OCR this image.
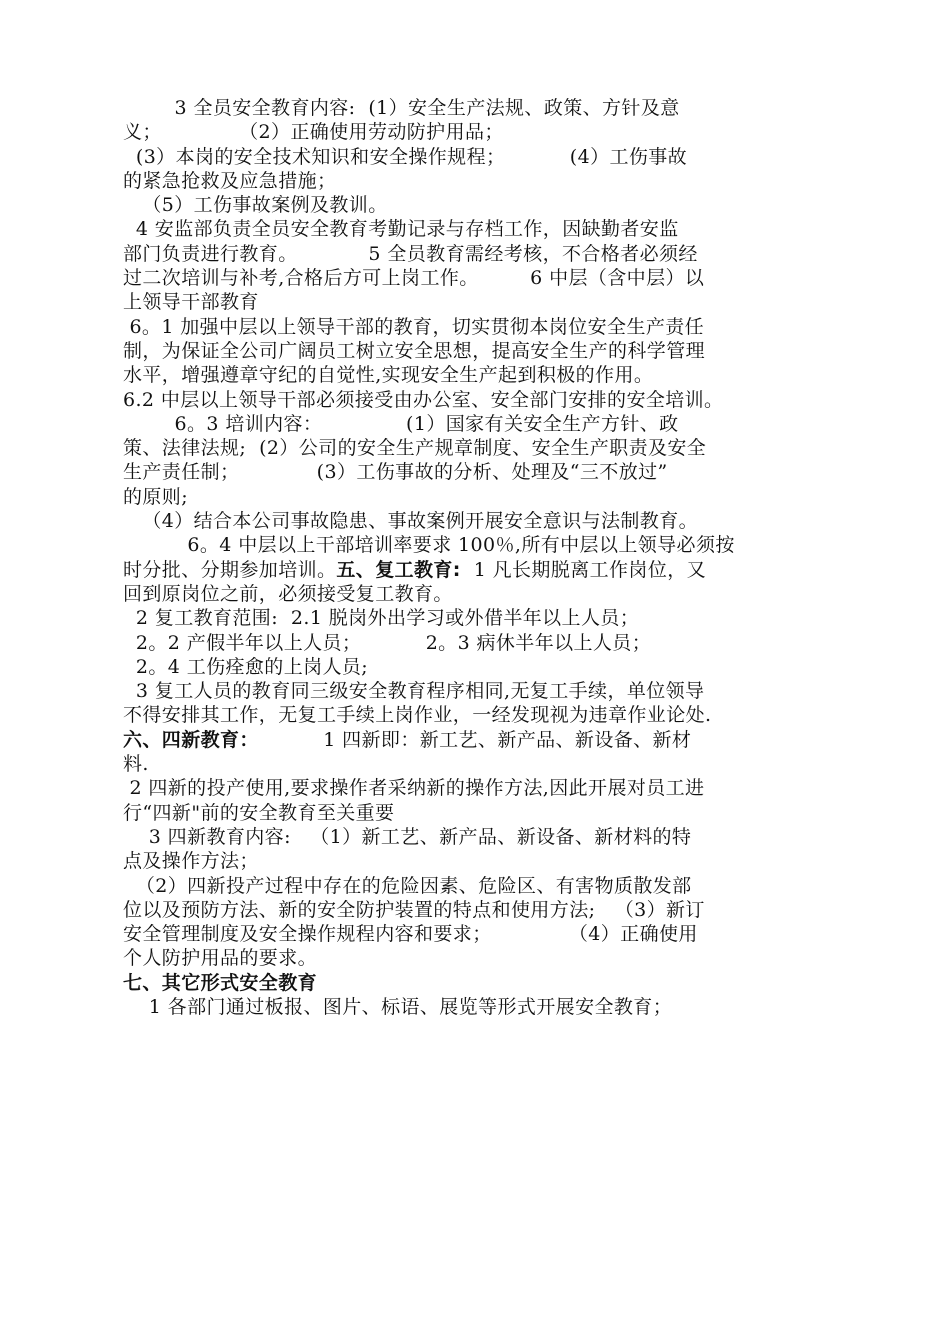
3 全员安全教育内容:  (1）安全生产法规、政策、方针及意
义；            （2）正确使用劳动防护用品；
(3）本岗的安全技术知识和安全操作规程；          (4）工伤事故
的紧急抢救及应急措施；
（5）工伤事故案例及教训。
4 安监部负责全员安全教育考勤记录与存档工作，因缺勤者安监
部门负责进行教育。           5 全员教育需经考核，不合格者必须经
过二次培训与补考,合格后方可上岗工作。        6 中层（含中层）以
上领导干部教育
6。1 加强中层以上领导干部的教育，切实贯彻本岗位安全生产责任
制，为保证全公司广阔员工树立安全思想，提高安全生产的科学管理
水平，增强遵章守纪的自觉性,实现安全生产起到积极的作用。
6.2 中层以上领导干部必须接受由办公室、安全部门安排的安全培训。
6。3 培训内容：             (1）国家有关安全生产方针、政
策、法律法规;  (2）公司的安全生产规章制度、安全生产职责及安全
生产责任制；            (3）工伤事故的分析、处理及“三不放过”
的原则;
（4）结合本公司事故隐患、事故案例开展安全意识与法制教育。
6。4 中层以上干部培训率要求 100％,所有中层以上领导必须按
时分批、分期参加培训。五、复工教育:  1 凡长期脱离工作岗位，又
回到原岗位之前，必须接受复工教育。
2 复工教育范围:  2.1 脱岗外出学习或外借半年以上人员；
2。2 产假半年以上人员；          2。3 病休半年以上人员；
2。4 工伤痊愈的上岗人员;
3 复工人员的教育同三级安全教育程序相同,无复工手续，单位领导
不得安排其工作，无复工手续上岗作业，一经发现视为违章作业论处.
六、四新教育：          1 四新即：新工艺、新产品、新设备、新材
料.
2 四新的投产使用,要求操作者采纳新的操作方法,因此开展对员工进
行“四新"前的安全教育至关重要
3 四新教育内容:   （1）新工艺、新产品、新设备、新材料的特
点及操作方法；
（2）四新投产过程中存在的危险因素、危险区、有害物质散发部
位以及预防方法、新的安全防护装置的特点和使用方法;   （3）新订
安全管理制度及安全操作规程内容和要求；            （4）正确使用
个人防护用品的要求。
七、其它形式安全教育
1 各部门通过板报、图片、标语、展览等形式开展安全教育；
